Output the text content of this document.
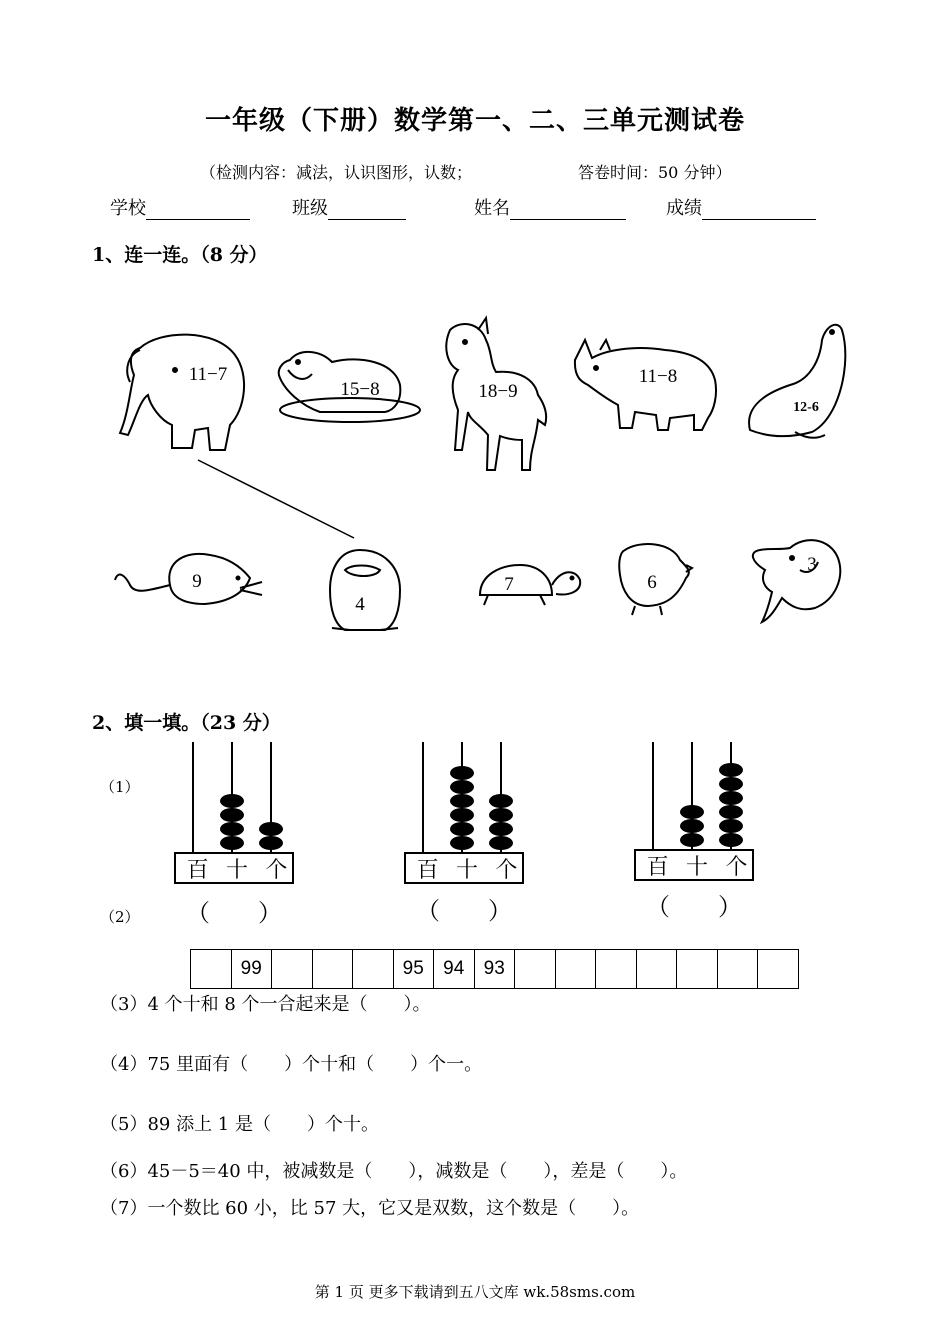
一年级（下册）数学第一、二、三单元测试卷
（检测内容：减法，认识图形，认数；	答卷时间：50 分钟）
学校	班级	姓名	成绩
1、连一连。（8 分）
11−7
15−8	18−9
11−8
12-6
9
4
7	6
3
2、填一填。（23 分）
（1）
（2）
百 十 个	百 十 个	百 十 个
（　　）	（　　）	（　　）
	99				95	94	93							
（3）4 个十和 8 个一合起来是（　　）。
（4）75 里面有（　　）个十和（　　）个一。
（5）89 添上 1 是（　　）个十。
（6）45－5＝40 中，被减数是（　　），减数是（　　），差是（　　）。
（7）一个数比 60 小，比 57 大，它又是双数，这个数是（　　）。
第 1 页 更多下载请到五八文库 wk.58sms.com
